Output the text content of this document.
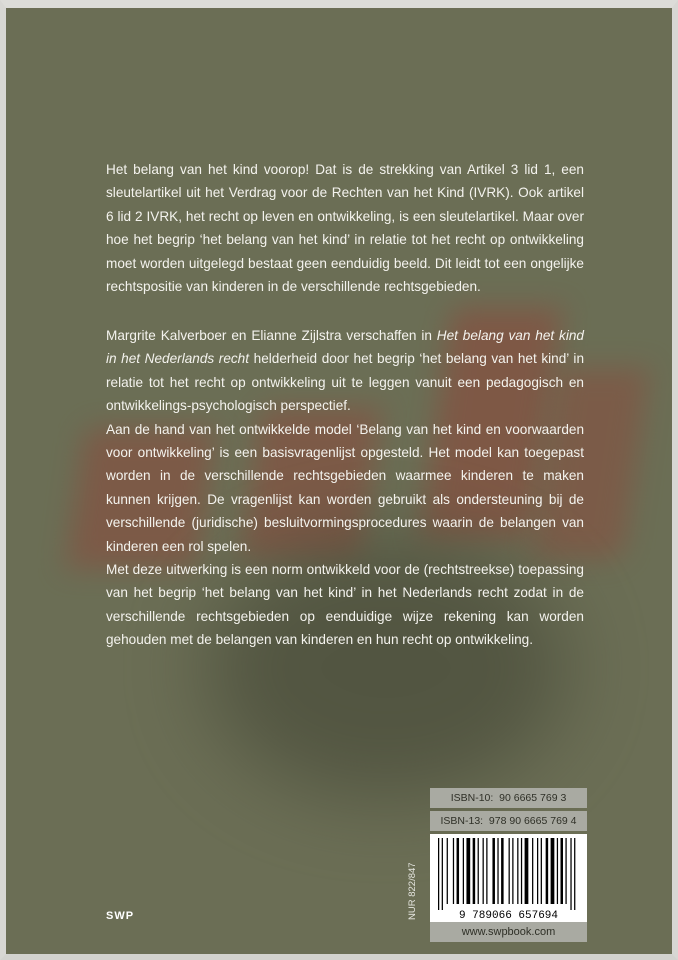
Het belang van het kind voorop! Dat is de strekking van Artikel 3 lid 1, een sleutelartikel uit het Verdrag voor de Rechten van het Kind (IVRK). Ook artikel 6 lid 2 IVRK, het recht op leven en ontwikkeling, is een sleutelartikel. Maar over hoe het begrip ‘het belang van het kind’ in relatie tot het recht op ontwikkeling moet worden uitgelegd bestaat geen eenduidig beeld. Dit leidt tot een ongelijke rechtspositie van kinderen in de verschillende rechtsgebieden.

Margrite Kalverboer en Elianne Zijlstra verschaffen in Het belang van het kind in het Nederlands recht helderheid door het begrip ‘het belang van het kind’ in relatie tot het recht op ontwikkeling uit te leggen vanuit een pedagogisch en ontwikkelings-psychologisch perspectief.

Aan de hand van het ontwikkelde model ‘Belang van het kind en voorwaarden voor ontwikkeling’ is een basisvragenlijst opgesteld. Het model kan toegepast worden in de verschillende rechtsgebieden waarmee kinderen te maken kunnen krijgen. De vragenlijst kan worden gebruikt als ondersteuning bij de verschillende (juridische) besluitvormingsprocedures waarin de belangen van kinderen een rol spelen.

Met deze uitwerking is een norm ontwikkeld voor de (rechtstreekse) toepassing van het begrip ‘het belang van het kind’ in het Nederlands recht zodat in de verschillende rechtsgebieden op eenduidige wijze rekening kan worden gehouden met de belangen van kinderen en hun recht op ontwikkeling.

SWP
ISBN-10:  90 6665 769 3
ISBN-13:  978 90 6665 769 4
NUR 822/847	9 789066 657694
www.swpbook.com
